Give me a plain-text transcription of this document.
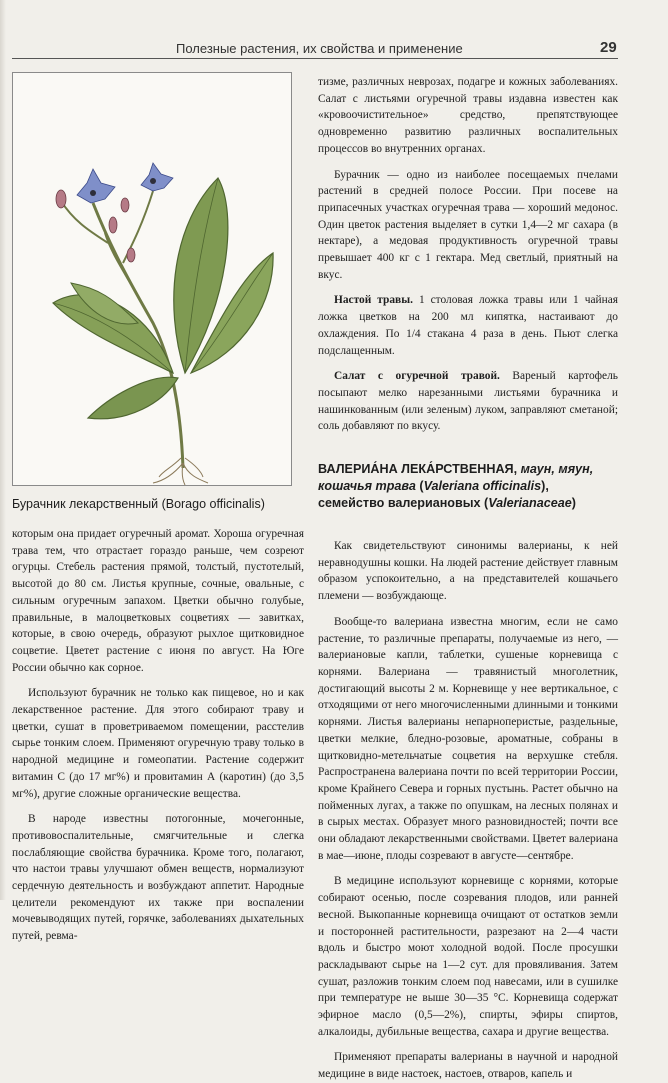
Полезные растения, их свойства и применение	29
Бурачник лекарственный (Borago officinalis)

которым она придает огуречный аромат. Хороша огуречная трава тем, что отрастает гораздо раньше, чем созреют огурцы. Стебель растения прямой, толстый, пустотелый, высотой до 80 см. Листья крупные, сочные, овальные, с сильным огуречным запахом. Цветки обычно голубые, правильные, в малоцветковых соцветиях — завитках, которые, в свою очередь, образуют рыхлое щитковидное соцветие. Цветет растение с июня по август. На Юге России обычно как сорное.

Используют бурачник не только как пищевое, но и как лекарственное растение. Для этого собирают траву и цветки, сушат в проветриваемом помещении, расстелив сырье тонким слоем. Применяют огуречную траву только в народной медицине и гомеопатии. Растение содержит витамин С (до 17 мг%) и провитамин А (каротин) (до 3,5 мг%), другие сложные органические вещества.

В народе известны потогонные, мочегонные, противовоспалительные, смягчительные и слегка послабляющие свойства бурачника. Кроме того, полагают, что настои травы улучшают обмен веществ, нормализуют сердечную деятельность и возбуждают аппетит. Народные целители рекомендуют их также при воспалении мочевыводящих путей, горячке, заболеваниях дыхательных путей, ревма-

тизме, различных неврозах, подагре и кожных заболеваниях. Салат с листьями огуречной травы издавна известен как «кровоочистительное» средство, препятствующее одновременно развитию различных воспалительных процессов во внутренних органах.

Бурачник — одно из наиболее посещаемых пчелами растений в средней полосе России. При посеве на припасечных участках огуречная трава — хороший медонос. Один цветок растения выделяет в сутки 1,4—2 мг сахара (в нектаре), а медовая продуктивность огуречной травы превышает 400 кг с 1 гектара. Мед светлый, приятный на вкус.

Настой травы. 1 столовая ложка травы или 1 чайная ложка цветков на 200 мл кипятка, настаивают до охлаждения. По 1/4 стакана 4 раза в день. Пьют слегка подслащенным.

Салат с огуречной травой. Вареный картофель посыпают мелко нарезанными листьями бурачника и нашинкованным (или зеленым) луком, заправляют сметаной; соль добавляют по вкусу.

ВАЛЕРИА́НА ЛЕКА́РСТВЕННАЯ, маун, мяун, кошачья трава (Valeriana officinalis),
семейство валериановых (Valerianaceae)

Как свидетельствуют синонимы валерианы, к ней неравнодушны кошки. На людей растение действует главным образом успокоительно, а на представителей кошачьего племени — возбуждающе.

Вообще-то валериана известна многим, если не само растение, то различные препараты, получаемые из него, — валериановые капли, таблетки, сушеные корневища с корнями. Валериана — травянистый многолетник, достигающий высоты 2 м. Корневище у нее вертикальное, с отходящими от него многочисленными длинными и тонкими корнями. Листья валерианы непарноперистые, раздельные, цветки мелкие, бледно-розовые, ароматные, собраны в щитковидно-метельчатые соцветия на верхушке стебля. Распространена валериана почти по всей территории России, кроме Крайнего Севера и горных пустынь. Растет обычно на пойменных лугах, а также по опушкам, на лесных полянах и в сырых местах. Образует много разновидностей; почти все они обладают лекарственными свойствами. Цветет валериана в мае—июне, плоды созревают в августе—сентябре.

В медицине используют корневище с корнями, которые собирают осенью, после созревания плодов, или ранней весной. Выкопанные корневища очищают от остатков земли и посторонней растительности, разрезают на 2—4 части вдоль и быстро моют холодной водой. После просушки раскладывают сырье на 1—2 сут. для провяливания. Затем сушат, разложив тонким слоем под навесами, или в сушилке при температуре не выше 30—35 °С. Корневища содержат эфирное масло (0,5—2%), спирты, эфиры спиртов, алкалоиды, дубильные вещества, сахара и другие вещества.

Применяют препараты валерианы в научной и народной медицине в виде настоек, настоев, отваров, капель и
